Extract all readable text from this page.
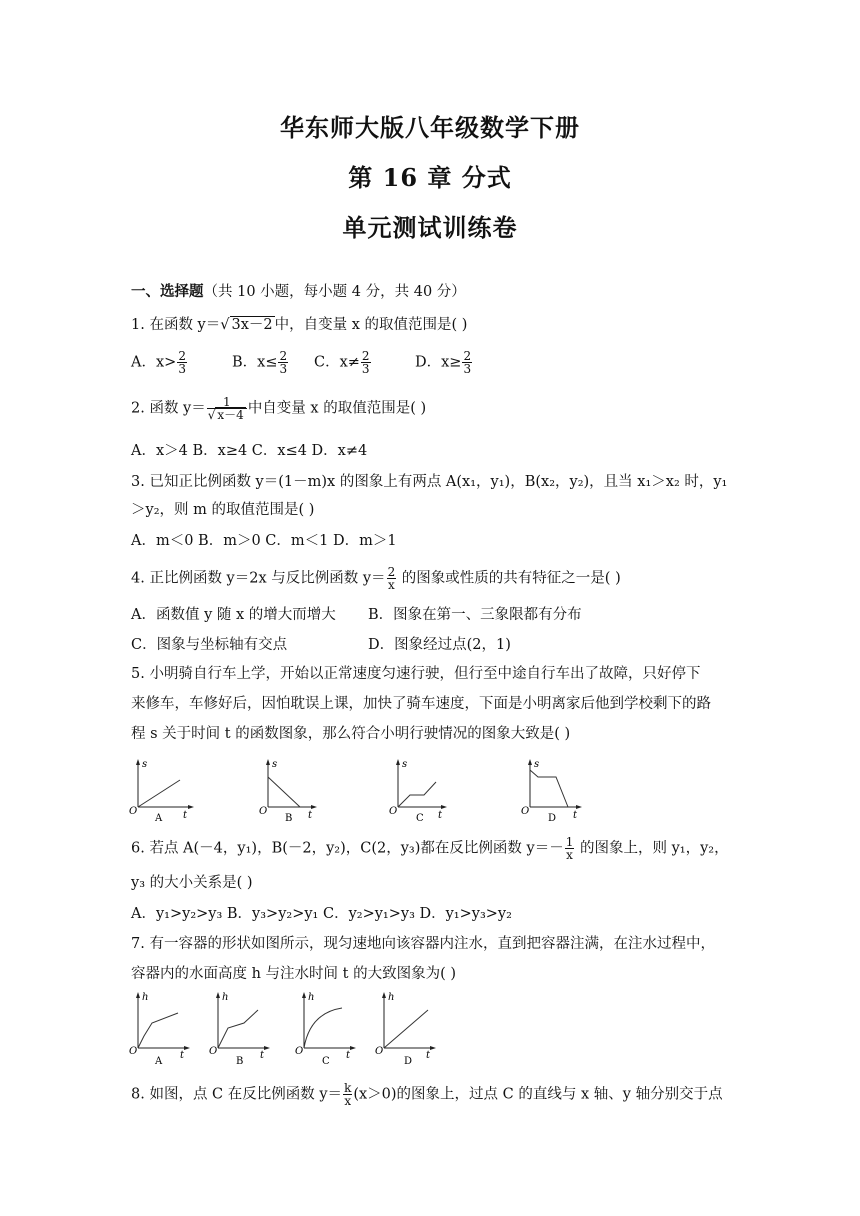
华东师大版八年级数学下册
第 16 章 分式
单元测试训练卷
一、选择题（共 10 小题，每小题 4 分，共 40 分）
1. 在函数 y＝√ 3x－2 中，自变量 x 的取值范围是( )
A．$x> \frac{2}{3}$	B．$x\le \frac{2}{3}$ C．$x\ne \frac{2}{3}$	D．$x\ge \frac{2}{3}$
2. 函数 $y= \frac{1}{√ x-4}$ 中自变量 x 的取值范围是( )
A．x＞4 B．x≥4 C．x≤4 D．x≠4
3. 已知正比例函数 y＝(1－m)x 的图象上有两点 A(x₁，y₁)，B(x₂，y₂)，且当 x₁＞x₂ 时，y₁
＞y₂，则 m 的取值范围是( )
A．m＜0 B．m＞0 C．m＜1 D．m＞1
4. 正比例函数 y＝2x 与反比例函数 $y= \frac{2}{x}$ 的图象或性质的共有特征之一是( )
A．函数值 y 随 x 的增大而增大 B．图象在第一、三象限都有分布
C．图象与坐标轴有交点	D．图象经过点(2，1)
5. 小明骑自行车上学，开始以正常速度匀速行驶，但行至中途自行车出了故障，只好停下
来修车，车修好后，因怕耽误上课，加快了骑车速度，下面是小明离家后他到学校剩下的路
程 s 关于时间 t 的函数图象，那么符合小明行驶情况的图象大致是( )
s
O	t
A
s
O	t
B
s
O	t
C
s
O	t
D
6. 若点 A(－4，y₁)，B(－2，y₂)，C(2，y₃)都在反比例函数 $y=- \frac{1}{x}$ 的图象上，则 y₁，y₂，
y₃ 的大小关系是( )
A．y₁>y₂>y₃ B．y₃>y₂>y₁ C．y₂>y₁>y₃ D．y₁>y₃>y₂
7. 有一容器的形状如图所示，现匀速地向该容器内注水，直到把容器注满，在注水过程中，
容器内的水面高度 h 与注水时间 t 的大致图象为( )
h
O	t
A
h
O	t
B
h
O	t
C
h
O	t
D
8. 如图，点 C 在反比例函数 $y= \frac{k}{x} (x>0)$的图象上，过点 C 的直线与 x 轴、y 轴分别交于点
